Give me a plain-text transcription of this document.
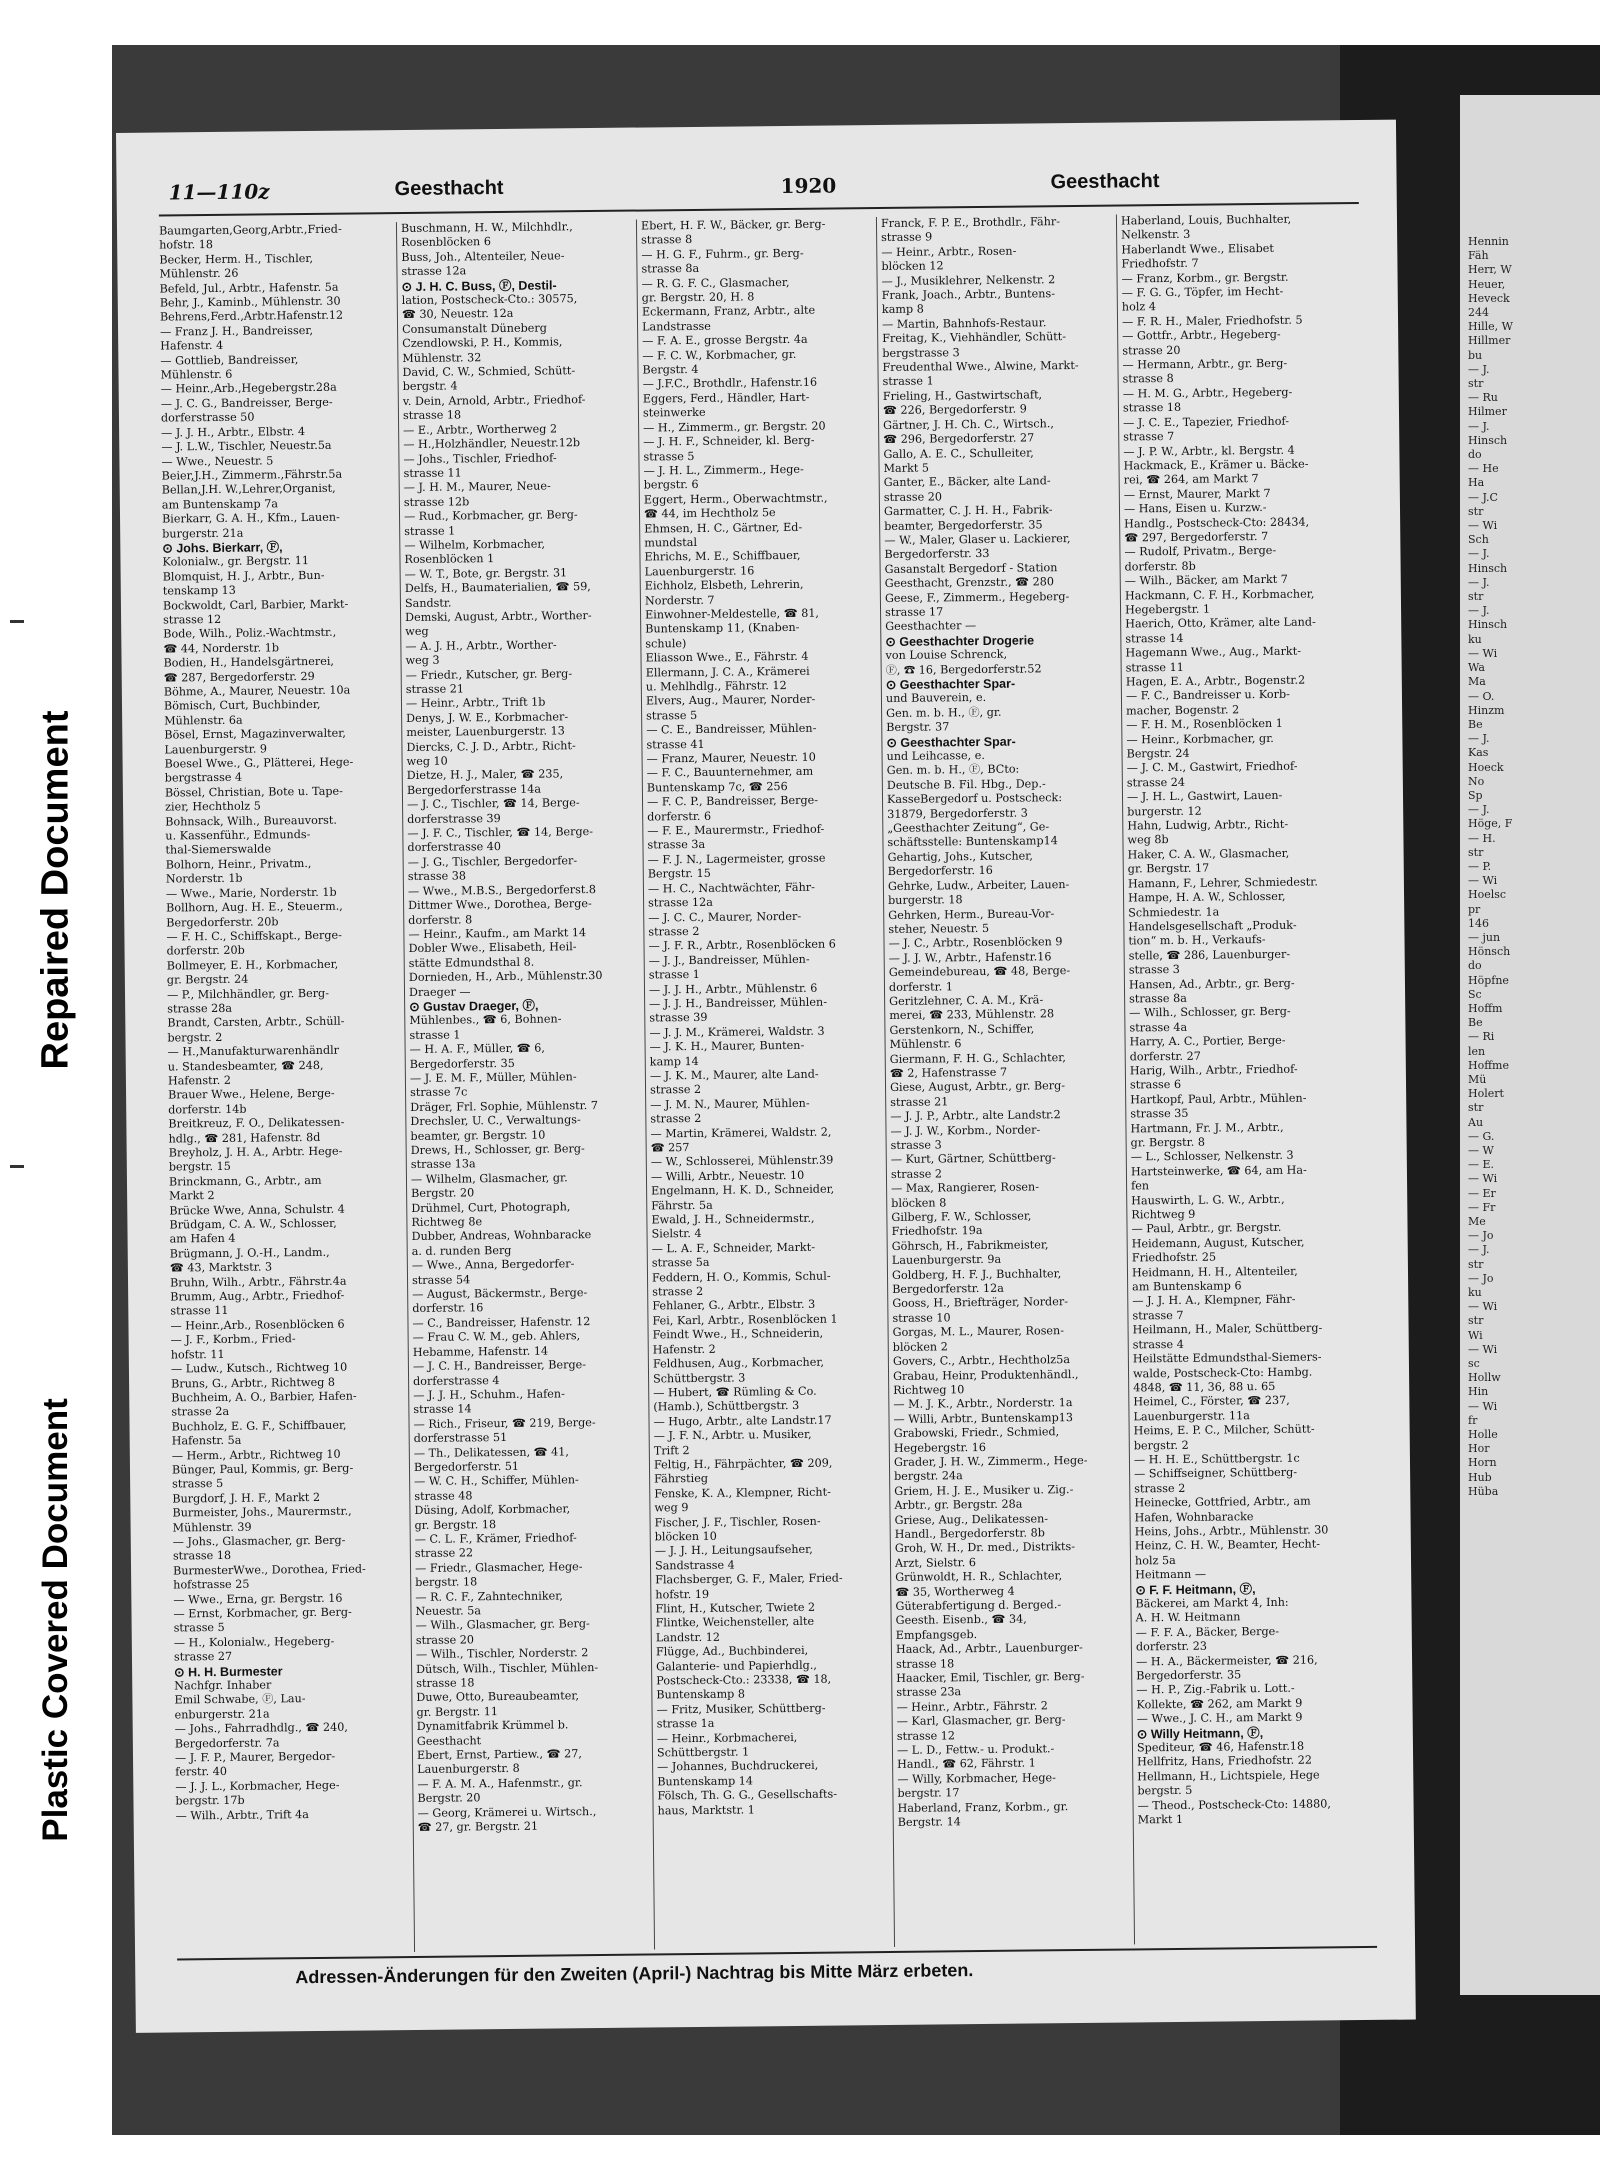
Repaired Document
Plastic Covered Document
Hennin
Fäh
Herr, W
Heuer,
Heveck
244
Hille, W
Hillmer
bu
— J.
str
— Ru
Hilmer
— J.
Hinsch
do
— He
Ha
— J.C
str
— Wi
Sch
— J.
Hinsch
— J.
str
— J.
Hinsch
ku
— Wi
Wa
Ma
— O.
Hinzm
Be
— J.
Kas
Hoeck
No
Sp
— J.
Höge, F
— H.
str
— P.
— Wi
Hoelsc
pr
146
— jun
Hönsch
do
Höpfne
Sc
Hoffm
Be
— Ri
len
Hoffme
Mü
Holert
str
Au
— G.
— W
— E.
— Wi
— Er
— Fr
Me
— Jo
— J.
str
— Jo
ku
— Wi
str
Wi
— Wi
sc
Hollw
Hin
— Wi
fr
Holle
Hor
Horn
Hub
Hüba
11—110z	Geesthacht	1920	Geesthacht
Baumgarten,Georg,Arbtr.,Fried-
hofstr. 18
Becker, Herm. H., Tischler,
Mühlenstr. 26
Befeld, Jul., Arbtr., Hafenstr. 5a
Behr, J., Kaminb., Mühlenstr. 30
Behrens,Ferd.,Arbtr.Hafenstr.12
— Franz J. H., Bandreisser,
Hafenstr. 4
— Gottlieb, Bandreisser,
Mühlenstr. 6
— Heinr.,Arb.,Hegebergstr.28a
— J. C. G., Bandreisser, Berge-
dorferstrasse 50
— J. J. H., Arbtr., Elbstr. 4
— J. L.W., Tischler, Neuestr.5a
— Wwe., Neuestr. 5
Beier,J.H., Zimmerm.,Fährstr.5a
Bellan,J.H. W.,Lehrer,Organist,
am Buntenskamp 7a
Bierkarr, G. A. H., Kfm., Lauen-
burgerstr. 21a
⊙ Johs. Bierkarr, Ⓕ,
Kolonialw., gr. Bergstr. 11
Blomquist, H. J., Arbtr., Bun-
tenskamp 13
Bockwoldt, Carl, Barbier, Markt-
strasse 12
Bode, Wilh., Poliz.-Wachtmstr.,
☎ 44, Norderstr. 1b
Bodien, H., Handelsgärtnerei,
☎ 287, Bergedorferstr. 29
Böhme, A., Maurer, Neuestr. 10a
Bömisch, Curt, Buchbinder,
Mühlenstr. 6a
Bösel, Ernst, Magazinverwalter,
Lauenburgerstr. 9
Boesel Wwe., G., Plätterei, Hege-
bergstrasse 4
Bössel, Christian, Bote u. Tape-
zier, Hechtholz 5
Bohnsack, Wilh., Bureauvorst.
u. Kassenführ., Edmunds-
thal-Siemerswalde
Bolhorn, Heinr., Privatm.,
Norderstr. 1b
— Wwe., Marie, Norderstr. 1b
Bollhorn, Aug. H. E., Steuerm.,
Bergedorferstr. 20b
— F. H. C., Schiffskapt., Berge-
dorferstr. 20b
Bollmeyer, E. H., Korbmacher,
gr. Bergstr. 24
— P., Milchhändler, gr. Berg-
strasse 28a
Brandt, Carsten, Arbtr., Schüll-
bergstr. 2
— H.,Manufakturwarenhändlr
u. Standesbeamter, ☎ 248,
Hafenstr. 2
Brauer Wwe., Helene, Berge-
dorferstr. 14b
Breitkreuz, F. O., Delikatessen-
hdlg., ☎ 281, Hafenstr. 8d
Breyholz, J. H. A., Arbtr. Hege-
bergstr. 15
Brinckmann, G., Arbtr., am
Markt 2
Brücke Wwe, Anna, Schulstr. 4
Brüdgam, C. A. W., Schlosser,
am Hafen 4
Brügmann, J. O.-H., Landm.,
☎ 43, Marktstr. 3
Bruhn, Wilh., Arbtr., Fährstr.4a
Brumm, Aug., Arbtr., Friedhof-
strasse 11
— Heinr.,Arb., Rosenblöcken 6
— J. F., Korbm., Fried-
hofstr. 11
— Ludw., Kutsch., Richtweg 10
Bruns, G., Arbtr., Richtweg 8
Buchheim, A. O., Barbier, Hafen-
strasse 2a
Buchholz, E. G. F., Schiffbauer,
Hafenstr. 5a
— Herm., Arbtr., Richtweg 10
Bünger, Paul, Kommis, gr. Berg-
strasse 5
Burgdorf, J. H. F., Markt 2
Burmeister, Johs., Maurermstr.,
Mühlenstr. 39
— Johs., Glasmacher, gr. Berg-
strasse 18
BurmesterWwe., Dorothea, Fried-
hofstrasse 25
— Wwe., Erna, gr. Bergstr. 16
— Ernst, Korbmacher, gr. Berg-
strasse 5
— H., Kolonialw., Hegeberg-
strasse 27
⊙ H. H. Burmester
Nachfgr. Inhaber
Emil Schwabe, Ⓕ, Lau-
enburgerstr. 21a
— Johs., Fahrradhdlg., ☎ 240,
Bergedorferstr. 7a
— J. F. P., Maurer, Bergedor-
ferstr. 40
— J. J. L., Korbmacher, Hege-
bergstr. 17b
— Wilh., Arbtr., Trift 4a
Buschmann, H. W., Milchhdlr.,
Rosenblöcken 6
Buss, Joh., Altenteiler, Neue-
strasse 12a
⊙ J. H. C. Buss, Ⓕ, Destil-
lation, Postscheck-Cto.: 30575,
☎ 30, Neuestr. 12a
Consumanstalt Düneberg
Czendlowski, P. H., Kommis,
Mühlenstr. 32
David, C. W., Schmied, Schütt-
bergstr. 4
v. Dein, Arnold, Arbtr., Friedhof-
strasse 18
— E., Arbtr., Wortherweg 2
— H.,Holzhändler, Neuestr.12b
— Johs., Tischler, Friedhof-
strasse 11
— J. H. M., Maurer, Neue-
strasse 12b
— Rud., Korbmacher, gr. Berg-
strasse 1
— Wilhelm, Korbmacher,
Rosenblöcken 1
— W. T., Bote, gr. Bergstr. 31
Delfs, H., Baumaterialien, ☎ 59,
Sandstr.
Demski, August, Arbtr., Worther-
weg
— A. J. H., Arbtr., Worther-
weg 3
— Friedr., Kutscher, gr. Berg-
strasse 21
— Heinr., Arbtr., Trift 1b
Denys, J. W. E., Korbmacher-
meister, Lauenburgerstr. 13
Diercks, C. J. D., Arbtr., Richt-
weg 10
Dietze, H. J., Maler, ☎ 235,
Bergedorferstrasse 14a
— J. C., Tischler, ☎ 14, Berge-
dorferstrasse 39
— J. F. C., Tischler, ☎ 14, Berge-
dorferstrasse 40
— J. G., Tischler, Bergedorfer-
strasse 38
— Wwe., M.B.S., Bergedorferst.8
Dittmer Wwe., Dorothea, Berge-
dorferstr. 8
— Heinr., Kaufm., am Markt 14
Dobler Wwe., Elisabeth, Heil-
stätte Edmundsthal 8.
Dornieden, H., Arb., Mühlenstr.30
Draeger —
⊙ Gustav Draeger, Ⓕ,
Mühlenbes., ☎ 6, Bohnen-
strasse 1
— H. A. F., Müller, ☎ 6,
Bergedorferstr. 35
— J. E. M. F., Müller, Mühlen-
strasse 7c
Dräger, Frl. Sophie, Mühlenstr. 7
Drechsler, U. C., Verwaltungs-
beamter, gr. Bergstr. 10
Drews, H., Schlosser, gr. Berg-
strasse 13a
— Wilhelm, Glasmacher, gr.
Bergstr. 20
Drühmel, Curt, Photograph,
Richtweg 8e
Dubber, Andreas, Wohnbaracke
a. d. runden Berg
— Wwe., Anna, Bergedorfer-
strasse 54
— August, Bäckermstr., Berge-
dorferstr. 16
— C., Bandreisser, Hafenstr. 12
— Frau C. W. M., geb. Ahlers,
Hebamme, Hafenstr. 14
— J. C. H., Bandreisser, Berge-
dorferstrasse 4
— J. J. H., Schuhm., Hafen-
strasse 14
— Rich., Friseur, ☎ 219, Berge-
dorferstrasse 51
— Th., Delikatessen, ☎ 41,
Bergedorferstr. 51
— W. C. H., Schiffer, Mühlen-
strasse 48
Düsing, Adolf, Korbmacher,
gr. Bergstr. 18
— C. L. F., Krämer, Friedhof-
strasse 22
— Friedr., Glasmacher, Hege-
bergstr. 18
— R. C. F., Zahntechniker,
Neuestr. 5a
— Wilh., Glasmacher, gr. Berg-
strasse 20
— Wilh., Tischler, Norderstr. 2
Dütsch, Wilh., Tischler, Mühlen-
strasse 18
Duwe, Otto, Bureaubeamter,
gr. Bergstr. 11
Dynamitfabrik Krümmel b.
Geesthacht
Ebert, Ernst, Partiew., ☎ 27,
Lauenburgerstr. 8
— F. A. M. A., Hafenmstr., gr.
Bergstr. 20
— Georg, Krämerei u. Wirtsch.,
☎ 27, gr. Bergstr. 21
Ebert, H. F. W., Bäcker, gr. Berg-
strasse 8
— H. G. F., Fuhrm., gr. Berg-
strasse 8a
— R. G. F. C., Glasmacher,
gr. Bergstr. 20, H. 8
Eckermann, Franz, Arbtr., alte
Landstrasse
— F. A. E., grosse Bergstr. 4a
— F. C. W., Korbmacher, gr.
Bergstr. 4
— J.F.C., Brothdlr., Hafenstr.16
Eggers, Ferd., Händler, Hart-
steinwerke
— H., Zimmerm., gr. Bergstr. 20
— J. H. F., Schneider, kl. Berg-
strasse 5
— J. H. L., Zimmerm., Hege-
bergstr. 6
Eggert, Herm., Oberwachtmstr.,
☎ 44, im Hechtholz 5e
Ehmsen, H. C., Gärtner, Ed-
mundstal
Ehrichs, M. E., Schiffbauer,
Lauenburgerstr. 16
Eichholz, Elsbeth, Lehrerin,
Norderstr. 7
Einwohner-Meldestelle, ☎ 81,
Buntenskamp 11, (Knaben-
schule)
Eliasson Wwe., E., Fährstr. 4
Ellermann, J. C. A., Krämerei
u. Mehlhdlg., Fährstr. 12
Elvers, Aug., Maurer, Norder-
strasse 5
— C. E., Bandreisser, Mühlen-
strasse 41
— Franz, Maurer, Neuestr. 10
— F. C., Bauunternehmer, am
Buntenskamp 7c, ☎ 256
— F. C. P., Bandreisser, Berge-
dorferstr. 6
— F. E., Maurermstr., Friedhof-
strasse 3a
— F. J. N., Lagermeister, grosse
Bergstr. 15
— H. C., Nachtwächter, Fähr-
strasse 12a
— J. C. C., Maurer, Norder-
strasse 2
— J. F. R., Arbtr., Rosenblöcken 6
— J. J., Bandreisser, Mühlen-
strasse 1
— J. J. H., Arbtr., Mühlenstr. 6
— J. J. H., Bandreisser, Mühlen-
strasse 39
— J. J. M., Krämerei, Waldstr. 3
— J. K. H., Maurer, Bunten-
kamp 14
— J. K. M., Maurer, alte Land-
strasse 2
— J. M. N., Maurer, Mühlen-
strasse 2
— Martin, Krämerei, Waldstr. 2,
☎ 257
— W., Schlosserei, Mühlenstr.39
— Willi, Arbtr., Neuestr. 10
Engelmann, H. K. D., Schneider,
Fährstr. 5a
Ewald, J. H., Schneidermstr.,
Sielstr. 4
— L. A. F., Schneider, Markt-
strasse 5a
Feddern, H. O., Kommis, Schul-
strasse 2
Fehlaner, G., Arbtr., Elbstr. 3
Fei, Karl, Arbtr., Rosenblöcken 1
Feindt Wwe., H., Schneiderin,
Hafenstr. 2
Feldhusen, Aug., Korbmacher,
Schüttbergstr. 3
— Hubert, ☎ Rümling & Co.
(Hamb.), Schüttbergstr. 3
— Hugo, Arbtr., alte Landstr.17
— J. F. N., Arbtr. u. Musiker,
Trift 2
Feltig, H., Fährpächter, ☎ 209,
Fährstieg
Fenske, K. A., Klempner, Richt-
weg 9
Fischer, J. F., Tischler, Rosen-
blöcken 10
— J. J. H., Leitungsaufseher,
Sandstrasse 4
Flachsberger, G. F., Maler, Fried-
hofstr. 19
Flint, H., Kutscher, Twiete 2
Flintke, Weichensteller, alte
Landstr. 12
Flügge, Ad., Buchbinderei,
Galanterie- und Papierhdlg.,
Postscheck-Cto.: 23338, ☎ 18,
Buntenskamp 8
— Fritz, Musiker, Schüttberg-
strasse 1a
— Heinr., Korbmacherei,
Schüttbergstr. 1
— Johannes, Buchdruckerei,
Buntenskamp 14
Fölsch, Th. G. G., Gesellschafts-
haus, Marktstr. 1
Franck, F. P. E., Brothdlr., Fähr-
strasse 9
— Heinr., Arbtr., Rosen-
blöcken 12
— J., Musiklehrer, Nelkenstr. 2
Frank, Joach., Arbtr., Buntens-
kamp 8
— Martin, Bahnhofs-Restaur.
Freitag, K., Viehhändler, Schütt-
bergstrasse 3
Freudenthal Wwe., Alwine, Markt-
strasse 1
Frieling, H., Gastwirtschaft,
☎ 226, Bergedorferstr. 9
Gärtner, J. H. Ch. C., Wirtsch.,
☎ 296, Bergedorferstr. 27
Gallo, A. E. C., Schulleiter,
Markt 5
Ganter, E., Bäcker, alte Land-
strasse 20
Garmatter, C. J. H. H., Fabrik-
beamter, Bergedorferstr. 35
— W., Maler, Glaser u. Lackierer,
Bergedorferstr. 33
Gasanstalt Bergedorf - Station
Geesthacht, Grenzstr., ☎ 280
Geese, F., Zimmerm., Hegeberg-
strasse 17
Geesthachter —
⊙ Geesthachter Drogerie
von Louise Schrenck,
Ⓕ, ☎ 16, Bergedorferstr.52
⊙ Geesthachter Spar-
und Bauverein, e.
Gen. m. b. H., Ⓕ, gr.
Bergstr. 37
⊙ Geesthachter Spar-
und Leihcasse, e.
Gen. m. b. H., Ⓕ, BCto:
Deutsche B. Fil. Hbg., Dep.-
KasseBergedorf u. Postscheck:
31879, Bergedorferstr. 3
„Geesthachter Zeitung“, Ge-
schäftsstelle: Buntenskamp14
Gehartig, Johs., Kutscher,
Bergedorferstr. 16
Gehrke, Ludw., Arbeiter, Lauen-
burgerstr. 18
Gehrken, Herm., Bureau-Vor-
steher, Neuestr. 5
— J. C., Arbtr., Rosenblöcken 9
— J. J. W., Arbtr., Hafenstr.16
Gemeindebureau, ☎ 48, Berge-
dorferstr. 1
Geritzlehner, C. A. M., Krä-
merei, ☎ 233, Mühlenstr. 28
Gerstenkorn, N., Schiffer,
Mühlenstr. 6
Giermann, F. H. G., Schlachter,
☎ 2, Hafenstrasse 7
Giese, August, Arbtr., gr. Berg-
strasse 21
— J. J. P., Arbtr., alte Landstr.2
— J. J. W., Korbm., Norder-
strasse 3
— Kurt, Gärtner, Schüttberg-
strasse 2
— Max, Rangierer, Rosen-
blöcken 8
Gilberg, F. W., Schlosser,
Friedhofstr. 19a
Göhrsch, H., Fabrikmeister,
Lauenburgerstr. 9a
Goldberg, H. F. J., Buchhalter,
Bergedorferstr. 12a
Gooss, H., Briefträger, Norder-
strasse 10
Gorgas, M. L., Maurer, Rosen-
blöcken 2
Govers, C., Arbtr., Hechtholz5a
Grabau, Heinr, Produktenhändl.,
Richtweg 10
— M. J. K., Arbtr., Norderstr. 1a
— Willi, Arbtr., Buntenskamp13
Grabowski, Friedr., Schmied,
Hegebergstr. 16
Grader, J. H. W., Zimmerm., Hege-
bergstr. 24a
Griem, H. J. E., Musiker u. Zig.-
Arbtr., gr. Bergstr. 28a
Griese, Aug., Delikatessen-
Handl., Bergedorferstr. 8b
Groh, W. H., Dr. med., Distrikts-
Arzt, Sielstr. 6
Grünwoldt, H. R., Schlachter,
☎ 35, Wortherweg 4
Güterabfertigung d. Berged.-
Geesth. Eisenb., ☎ 34,
Empfangsgeb.
Haack, Ad., Arbtr., Lauenburger-
strasse 18
Haacker, Emil, Tischler, gr. Berg-
strasse 23a
— Heinr., Arbtr., Fährstr. 2
— Karl, Glasmacher, gr. Berg-
strasse 12
— L. D., Fettw.- u. Produkt.-
Handl., ☎ 62, Fährstr. 1
— Willy, Korbmacher, Hege-
bergstr. 17
Haberland, Franz, Korbm., gr.
Bergstr. 14
Haberland, Louis, Buchhalter,
Nelkenstr. 3
Haberlandt Wwe., Elisabet
Friedhofstr. 7
— Franz, Korbm., gr. Bergstr.
— F. G. G., Töpfer, im Hecht-
holz 4
— F. R. H., Maler, Friedhofstr. 5
— Gottfr., Arbtr., Hegeberg-
strasse 20
— Hermann, Arbtr., gr. Berg-
strasse 8
— H. M. G., Arbtr., Hegeberg-
strasse 18
— J. C. E., Tapezier, Friedhof-
strasse 7
— J. P. W., Arbtr., kl. Bergstr. 4
Hackmack, E., Krämer u. Bäcke-
rei, ☎ 264, am Markt 7
— Ernst, Maurer, Markt 7
— Hans, Eisen u. Kurzw.-
Handlg., Postscheck-Cto: 28434,
☎ 297, Bergedorferstr. 7
— Rudolf, Privatm., Berge-
dorferstr. 8b
— Wilh., Bäcker, am Markt 7
Hackmann, C. F. H., Korbmacher,
Hegebergstr. 1
Haerich, Otto, Krämer, alte Land-
strasse 14
Hagemann Wwe., Aug., Markt-
strasse 11
Hagen, E. A., Arbtr., Bogenstr.2
— F. C., Bandreisser u. Korb-
macher, Bogenstr. 2
— F. H. M., Rosenblöcken 1
— Heinr., Korbmacher, gr.
Bergstr. 24
— J. C. M., Gastwirt, Friedhof-
strasse 24
— J. H. L., Gastwirt, Lauen-
burgerstr. 12
Hahn, Ludwig, Arbtr., Richt-
weg 8b
Haker, C. A. W., Glasmacher,
gr. Bergstr. 17
Hamann, F., Lehrer, Schmiedestr.
Hampe, H. A. W., Schlosser,
Schmiedestr. 1a
Handelsgesellschaft „Produk-
tion“ m. b. H., Verkaufs-
stelle, ☎ 286, Lauenburger-
strasse 3
Hansen, Ad., Arbtr., gr. Berg-
strasse 8a
— Wilh., Schlosser, gr. Berg-
strasse 4a
Harry, A. C., Portier, Berge-
dorferstr. 27
Harig, Wilh., Arbtr., Friedhof-
strasse 6
Hartkopf, Paul, Arbtr., Mühlen-
strasse 35
Hartmann, Fr. J. M., Arbtr.,
gr. Bergstr. 8
— L., Schlosser, Nelkenstr. 3
Hartsteinwerke, ☎ 64, am Ha-
fen
Hauswirth, L. G. W., Arbtr.,
Richtweg 9
— Paul, Arbtr., gr. Bergstr.
Heidemann, August, Kutscher,
Friedhofstr. 25
Heidmann, H. H., Altenteiler,
am Buntenskamp 6
— J. J. H. A., Klempner, Fähr-
strasse 7
Heilmann, H., Maler, Schüttberg-
strasse 4
Heilstätte Edmundsthal-Siemers-
walde, Postscheck-Cto: Hambg.
4848, ☎ 11, 36, 88 u. 65
Heimel, C., Förster, ☎ 237,
Lauenburgerstr. 11a
Heims, E. P. C., Milcher, Schütt-
bergstr. 2
— H. H. E., Schüttbergstr. 1c
— Schiffseigner, Schüttberg-
strasse 2
Heinecke, Gottfried, Arbtr., am
Hafen, Wohnbaracke
Heins, Johs., Arbtr., Mühlenstr. 30
Heinz, C. H. W., Beamter, Hecht-
holz 5a
Heitmann —
⊙ F. F. Heitmann, Ⓕ,
Bäckerei, am Markt 4, Inh:
A. H. W. Heitmann
— F. F. A., Bäcker, Berge-
dorferstr. 23
— H. A., Bäckermeister, ☎ 216,
Bergedorferstr. 35
— H. P., Zig.-Fabrik u. Lott.-
Kollekte, ☎ 262, am Markt 9
— Wwe., J. C. H., am Markt 9
⊙ Willy Heitmann, Ⓕ,
Spediteur, ☎ 46, Hafenstr.18
Hellfritz, Hans, Friedhofstr. 22
Hellmann, H., Lichtspiele, Hege
bergstr. 5
— Theod., Postscheck-Cto: 14880,
Markt 1
Adressen-Änderungen für den Zweiten (April-) Nachtrag bis Mitte März erbeten.
